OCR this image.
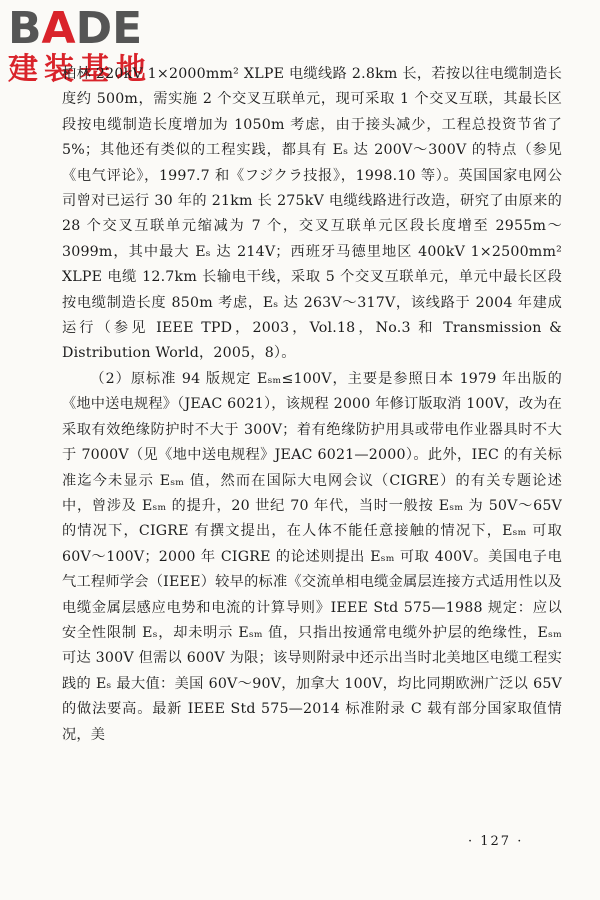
BADE
建装基地

柏林 220kV 1×2000mm² XLPE 电缆线路 2.8km 长，若按以往电缆制造长度约 500m，需实施 2 个交叉互联单元，现可采取 1 个交叉互联，其最长区段按电缆制造长度增加为 1050m 考虑，由于接头减少，工程总投资节省了 5%；其他还有类似的工程实践，都具有 Eₛ 达 200V～300V 的特点（参见《电气评论》，1997.7 和《フジクラ技报》，1998.10 等）。英国国家电网公司曾对已运行 30 年的 21km 长 275kV 电缆线路进行改造，研究了由原来的 28 个交叉互联单元缩减为 7 个，交叉互联单元区段长度增至 2955m～3099m，其中最大 Eₛ 达 214V；西班牙马德里地区 400kV 1×2500mm² XLPE 电缆 12.7km 长输电干线，采取 5 个交叉互联单元，单元中最长区段按电缆制造长度 850m 考虑，Eₛ 达 263V～317V，该线路于 2004 年建成运行（参见 IEEE TPD，2003，Vol.18，No.3 和 Transmission & Distribution World，2005，8）。

（2）原标准 94 版规定 Eₛₘ≤100V，主要是参照日本 1979 年出版的《地中送电规程》（JEAC 6021），该规程 2000 年修订版取消 100V，改为在采取有效绝缘防护时不大于 300V；着有绝缘防护用具或带电作业器具时不大于 7000V（见《地中送电规程》JEAC 6021—2000）。此外，IEC 的有关标准迄今未显示 Eₛₘ 值，然而在国际大电网会议（CIGRE）的有关专题论述中，曾涉及 Eₛₘ 的提升，20 世纪 70 年代，当时一般按 Eₛₘ 为 50V～65V 的情况下，CIGRE 有撰文提出，在人体不能任意接触的情况下，Eₛₘ 可取 60V～100V；2000 年 CIGRE 的论述则提出 Eₛₘ 可取 400V。美国电子电气工程师学会（IEEE）较早的标准《交流单相电缆金属层连接方式适用性以及电缆金属层感应电势和电流的计算导则》IEEE Std 575—1988 规定：应以安全性限制 Eₛ，却未明示 Eₛₘ 值，只指出按通常电缆外护层的绝缘性，Eₛₘ 可达 300V 但需以 600V 为限；该导则附录中还示出当时北美地区电缆工程实践的 Eₛ 最大值：美国 60V～90V，加拿大 100V，均比同期欧洲广泛以 65V 的做法要高。最新 IEEE Std 575—2014 标准附录 C 载有部分国家取值情况，美

· 127 ·
